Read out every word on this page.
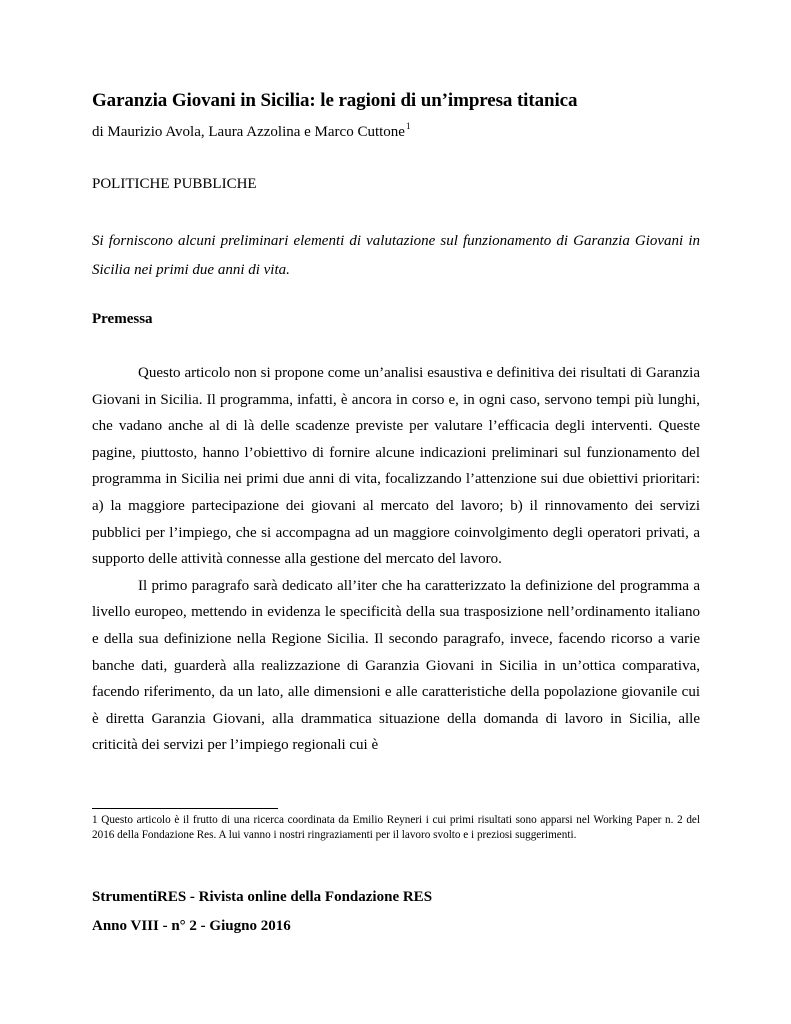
Garanzia Giovani in Sicilia: le ragioni di un’impresa titanica
di Maurizio Avola, Laura Azzolina e Marco Cuttone$^1$
POLITICHE PUBBLICHE

Si forniscono alcuni preliminari elementi di valutazione sul funzionamento di Garanzia Giovani in Sicilia nei primi due anni di vita.

Premessa

Questo articolo non si propone come un’analisi esaustiva e definitiva dei risultati di Garanzia Giovani in Sicilia. Il programma, infatti, è ancora in corso e, in ogni caso, servono tempi più lunghi, che vadano anche al di là delle scadenze previste per valutare l’efficacia degli interventi. Queste pagine, piuttosto, hanno l’obiettivo di fornire alcune indicazioni preliminari sul funzionamento del programma in Sicilia nei primi due anni di vita, focalizzando l’attenzione sui due obiettivi prioritari: a) la maggiore partecipazione dei giovani al mercato del lavoro; b) il rinnovamento dei servizi pubblici per l’impiego, che si accompagna ad un maggiore coinvolgimento degli operatori privati, a supporto delle attività connesse alla gestione del mercato del lavoro.

Il primo paragrafo sarà dedicato all’iter che ha caratterizzato la definizione del programma a livello europeo, mettendo in evidenza le specificità della sua trasposizione nell’ordinamento italiano e della sua definizione nella Regione Sicilia. Il secondo paragrafo, invece, facendo ricorso a varie banche dati, guarderà alla realizzazione di Garanzia Giovani in Sicilia in un’ottica comparativa, facendo riferimento, da un lato, alle dimensioni e alle caratteristiche della popolazione giovanile cui è diretta Garanzia Giovani, alla drammatica situazione della domanda di lavoro in Sicilia, alle criticità dei servizi per l’impiego regionali cui è

1 Questo articolo è il frutto di una ricerca coordinata da Emilio Reyneri i cui primi risultati sono apparsi nel Working Paper n. 2 del 2016 della Fondazione Res. A lui vanno i nostri ringraziamenti per il lavoro svolto e i preziosi suggerimenti.
StrumentiRES - Rivista online della Fondazione RES
Anno VIII - n° 2 - Giugno 2016
